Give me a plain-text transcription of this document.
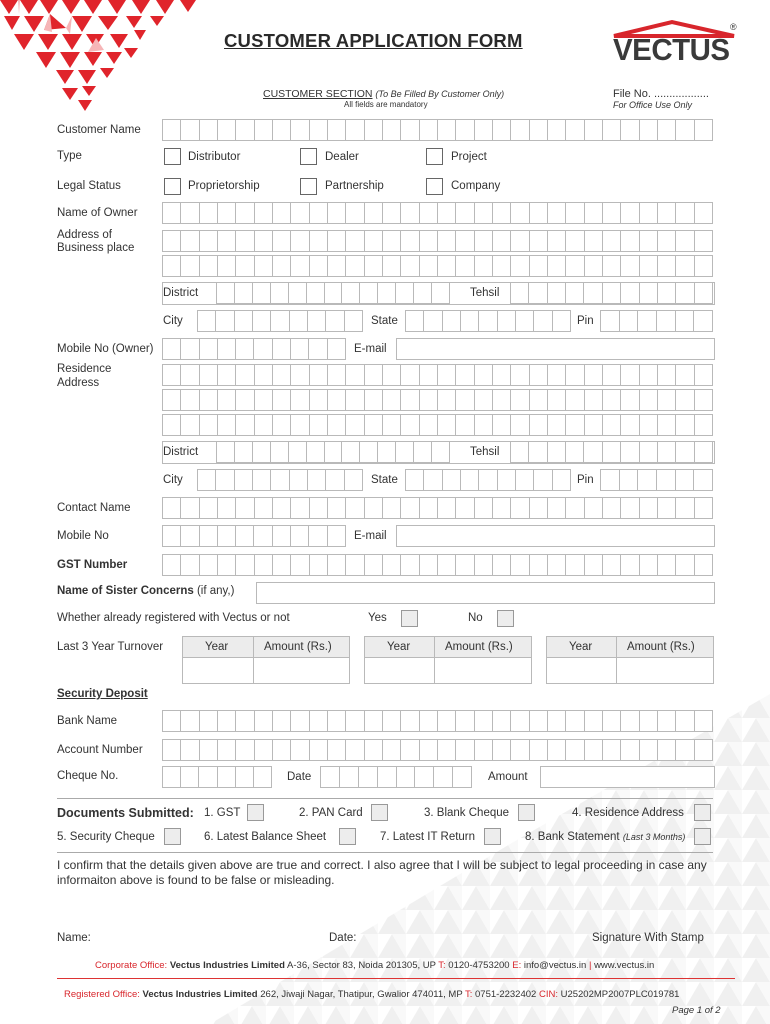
CUSTOMER APPLICATION FORM	VECTUS
®
CUSTOMER SECTION (To Be Filled By Customer Only)
All fields are mandatory
File No. ..................
For Office Use Only
Customer Name
Type	Distributor	Dealer	Project
Legal Status	Proprietorship	Partnership	Company
Name of Owner
Address of
Business place
District	Tehsil
City	State	Pin
Mobile No (Owner)	E-mail
Residence
Address
District	Tehsil
City	State	Pin
Contact Name
Mobile No	E-mail
GST Number
Name of Sister Concerns (if any,)
Whether already registered with Vectus or not	Yes	No
Last 3 Year Turnover	Year	Amount (Rs.)	Year	Amount (Rs.)	Year	Amount (Rs.)
Security Deposit
Bank Name
Account Number
Cheque No.	Date	Amount
Documents Submitted: 1. GST	2. PAN Card	3. Blank Cheque	4. Residence Address
5. Security Cheque	6. Latest Balance Sheet	7. Latest IT Return	8. Bank Statement (Last 3 Months)
I confirm that the details given above are true and correct. I also agree that I will be subject to legal proceeding in case any informaiton above is found to be false or misleading.
Name:	Date:	Signature With Stamp
Corporate Office: Vectus Industries Limited A-36, Sector 83, Noida 201305, UP T: 0120-4753200 E: info@vectus.in | www.vectus.in
Registered Office: Vectus Industries Limited 262, Jiwaji Nagar, Thatipur, Gwalior 474011, MP T: 0751-2232402 CIN: U25202MP2007PLC019781
Page 1 of 2
